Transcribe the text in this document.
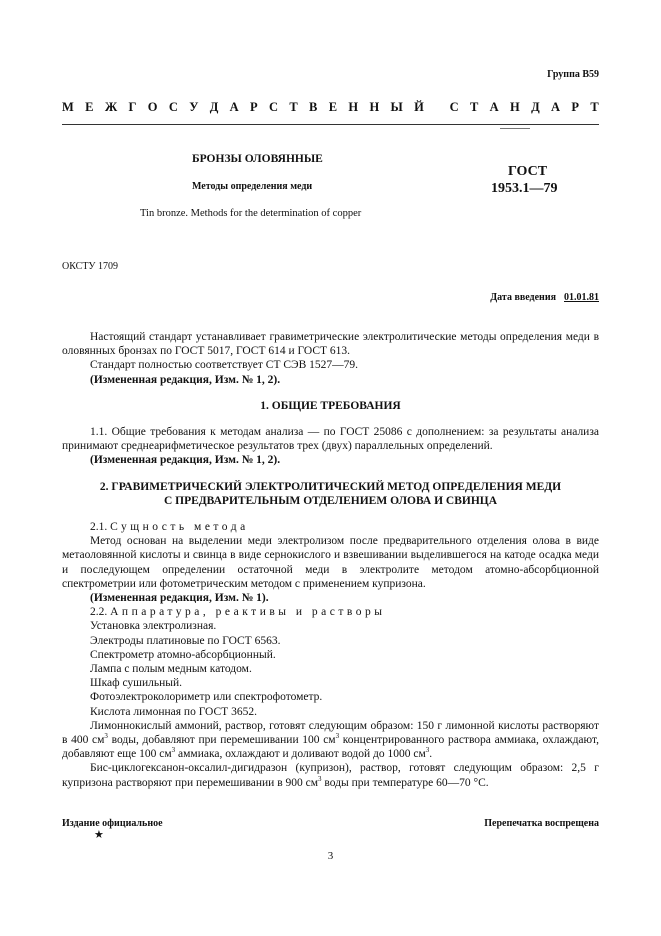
Группа В59
М Е Ж Г О С У Д А Р С Т В Е Н Н Ы Й
С Т А Н Д А Р Т
БРОНЗЫ ОЛОВЯННЫЕ
Методы определения меди
Tin bronze. Methods for the determination of copper
ГОСТ
1953.1—79
ОКСТУ 1709
Дата введения 01.01.81

Настоящий стандарт устанавливает гравиметрические электролитические методы определения меди в оловянных бронзах по ГОСТ 5017, ГОСТ 614 и ГОСТ 613.

Стандарт полностью соответствует СТ СЭВ 1527—79.

(Измененная редакция, Изм. № 1, 2).

1. ОБЩИЕ ТРЕБОВАНИЯ

1.1. Общие требования к методам анализа — по ГОСТ 25086 с дополнением: за результаты анализа принимают среднеарифметическое результатов трех (двух) параллельных определений.

(Измененная редакция, Изм. № 1, 2).

2. ГРАВИМЕТРИЧЕСКИЙ ЭЛЕКТРОЛИТИЧЕСКИЙ МЕТОД ОПРЕДЕЛЕНИЯ МЕДИ
С ПРЕДВАРИТЕЛЬНЫМ ОТДЕЛЕНИЕМ ОЛОВА И СВИНЦА

2.1. Сущность метода

Метод основан на выделении меди электролизом после предварительного отделения олова в виде метаоловянной кислоты и свинца в виде сернокислого и взвешивании выделившегося на катоде осадка меди и последующем определении остаточной меди в электролите методом атомно-абсорбционной спектрометрии или фотометрическим методом с применением купризона.

(Измененная редакция, Изм. № 1).

2.2. Аппаратура, реактивы и растворы

Установка электролизная.

Электроды платиновые по ГОСТ 6563.

Спектрометр атомно-абсорбционный.

Лампа с полым медным катодом.

Шкаф сушильный.

Фотоэлектроколориметр или спектрофотометр.

Кислота лимонная по ГОСТ 3652.

Лимоннокислый аммоний, раствор, готовят следующим образом: 150 г лимонной кислоты растворяют в 400 $см^3$ воды, добавляют при перемешивании 100 $см^3$ концентрированного раствора аммиака, охлаждают, добавляют еще 100 $см^3$ аммиака, охлаждают и доливают водой до 1000 $см^3$.

Бис-циклогексанон-оксалил-дигидразон (купризон), раствор, готовят следующим образом: 2,5 г купризона растворяют при перемешивании в 900 $см^3$ воды при температуре 60—70 °С.

Издание официальное
★
Перепечатка воспрещена
3
